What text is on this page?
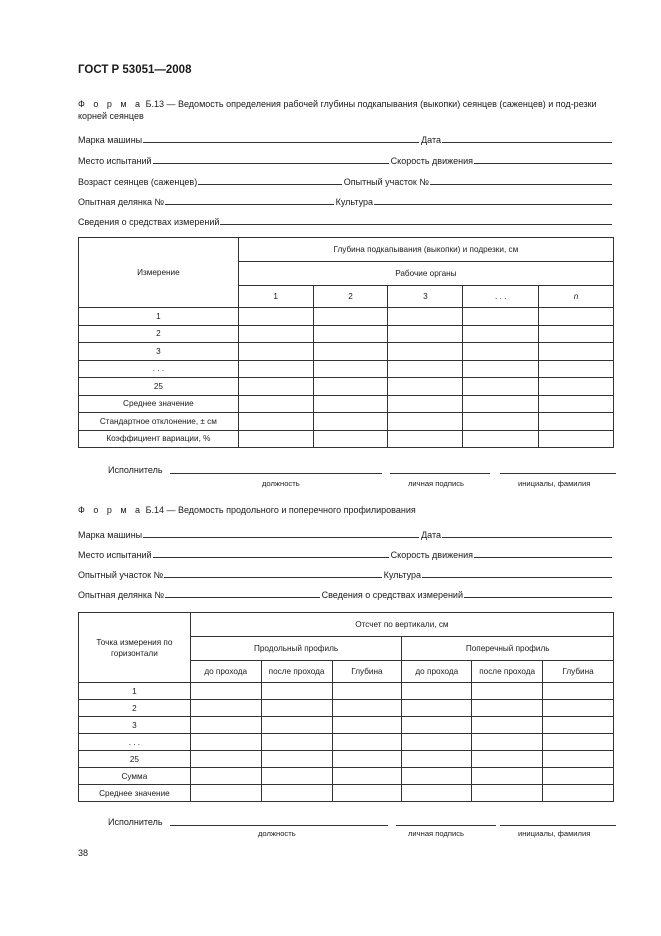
ГОСТ Р 53051—2008
Ф о р м а Б.13 — Ведомость определения рабочей глубины подкапывания (выкопки) сеянцев (саженцев) и под-резки корней сеянцев
Марка машины	Дата
Место испытаний	Скорость движения
Возраст сеянцев (саженцев)	Опытный участок №
Опытная делянка №	Культура
Сведения о средствах измерений
Измерение	Глубина подкапывания (выкопки) и подрезки, см				
	Рабочие органы				
	1	2	3	. . .	n
1					
2					
3					
. . .					
25					
Среднее значение					
Стандартное отклонение, ± см					
Коэффициент вариации, %					
Исполнитель
должность	личная подпись	инициалы, фамилия
Ф о р м а Б.14 — Ведомость продольного и поперечного профилирования
Марка машины	Дата
Место испытаний	Скорость движения
Опытный участок №	Культура
Опытная делянка №	Сведения о средствах измерений
Точка измерения по горизонтали	Отсчет по вертикали, см					
	Продольный профиль			Поперечный профиль		
	до прохода	после прохода	Глубина	до прохода	после прохода	Глубина
1						
2						
3						
. . .						
25						
Сумма						
Среднее значение						
Исполнитель
должность	личная подпись	инициалы, фамилия
38
